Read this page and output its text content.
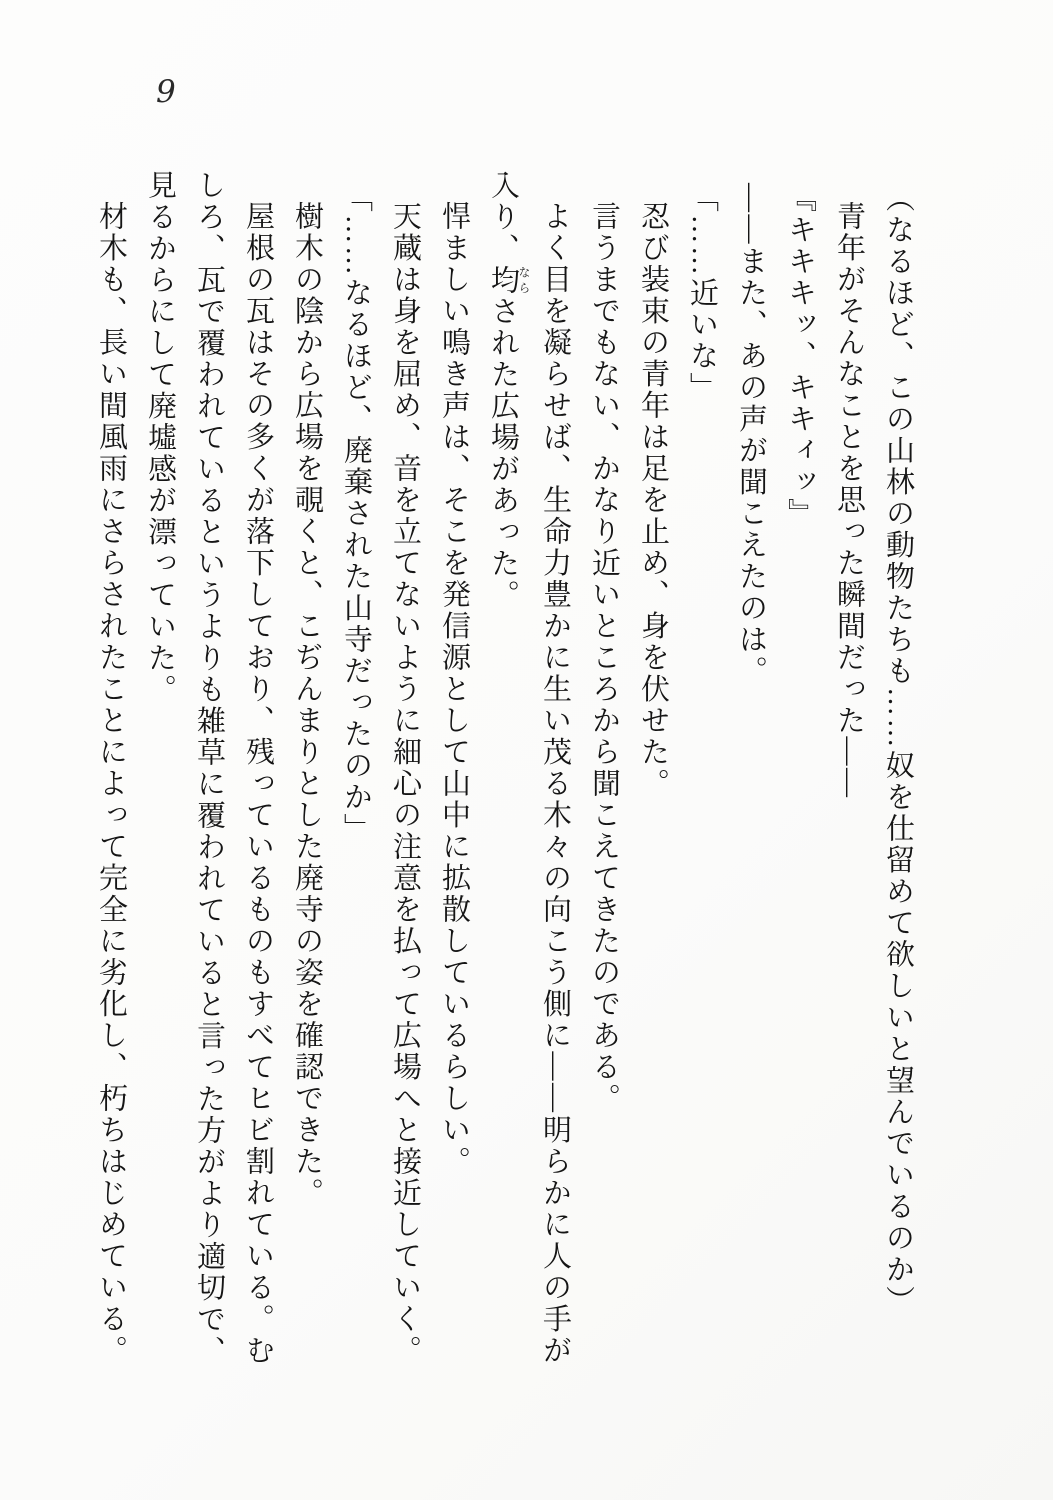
9

（なるほど、この山林の動物たちも……奴を仕留めて欲しいと望んでいるのか）

青年がそんなことを思った瞬間だった――

『キキキッ、キキィッ』

――また、あの声が聞こえたのは。

「……近いな」

忍び装束の青年は足を止め、身を伏せた。

言うまでもない、かなり近いところから聞こえてきたのである。

よく目を凝らせば、生命力豊かに生い茂る木々の向こう側に――明らかに人の手が
入り、均ならされた広場があった。

悍ましい鳴き声は、そこを発信源として山中に拡散しているらしい。

天蔵は身を屈め、音を立てないように細心の注意を払って広場へと接近していく。

「……なるほど、廃棄された山寺だったのか」

樹木の陰から広場を覗くと、こぢんまりとした廃寺の姿を確認できた。

屋根の瓦はその多くが落下しており、残っているものもすべてヒビ割れている。む
しろ、瓦で覆われているというよりも雑草に覆われていると言った方がより適切で、
見るからにして廃墟感が漂っていた。

材木も、長い間風雨にさらされたことによって完全に劣化し、朽ちはじめている。
